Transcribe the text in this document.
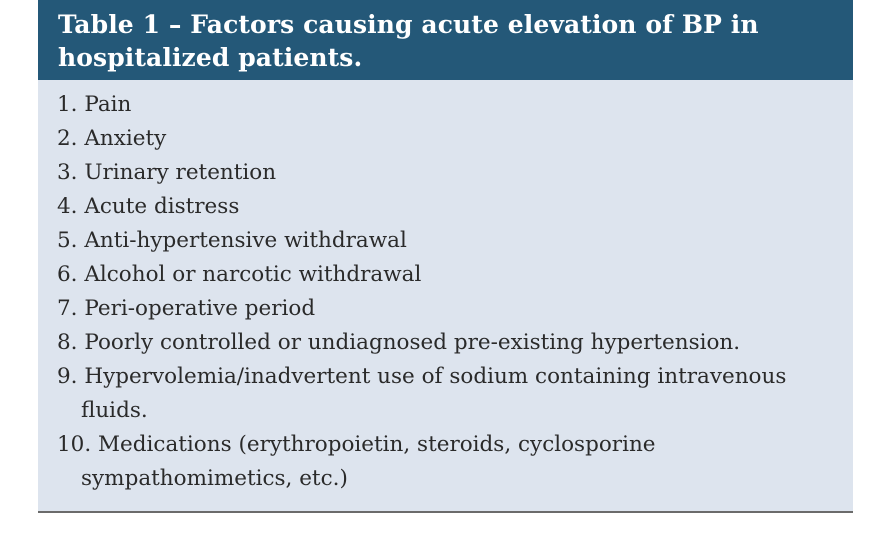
Table 1 – Factors causing acute elevation of BP in hospitalized patients.
1. Pain
2. Anxiety
3. Urinary retention
4. Acute distress
5. Anti-hypertensive withdrawal
6. Alcohol or narcotic withdrawal
7. Peri-operative period
8. Poorly controlled or undiagnosed pre-existing hypertension.
9. Hypervolemia/inadvertent use of sodium containing intravenous fluids.
10. Medications (erythropoietin, steroids, cyclosporine sympathomimetics, etc.)
